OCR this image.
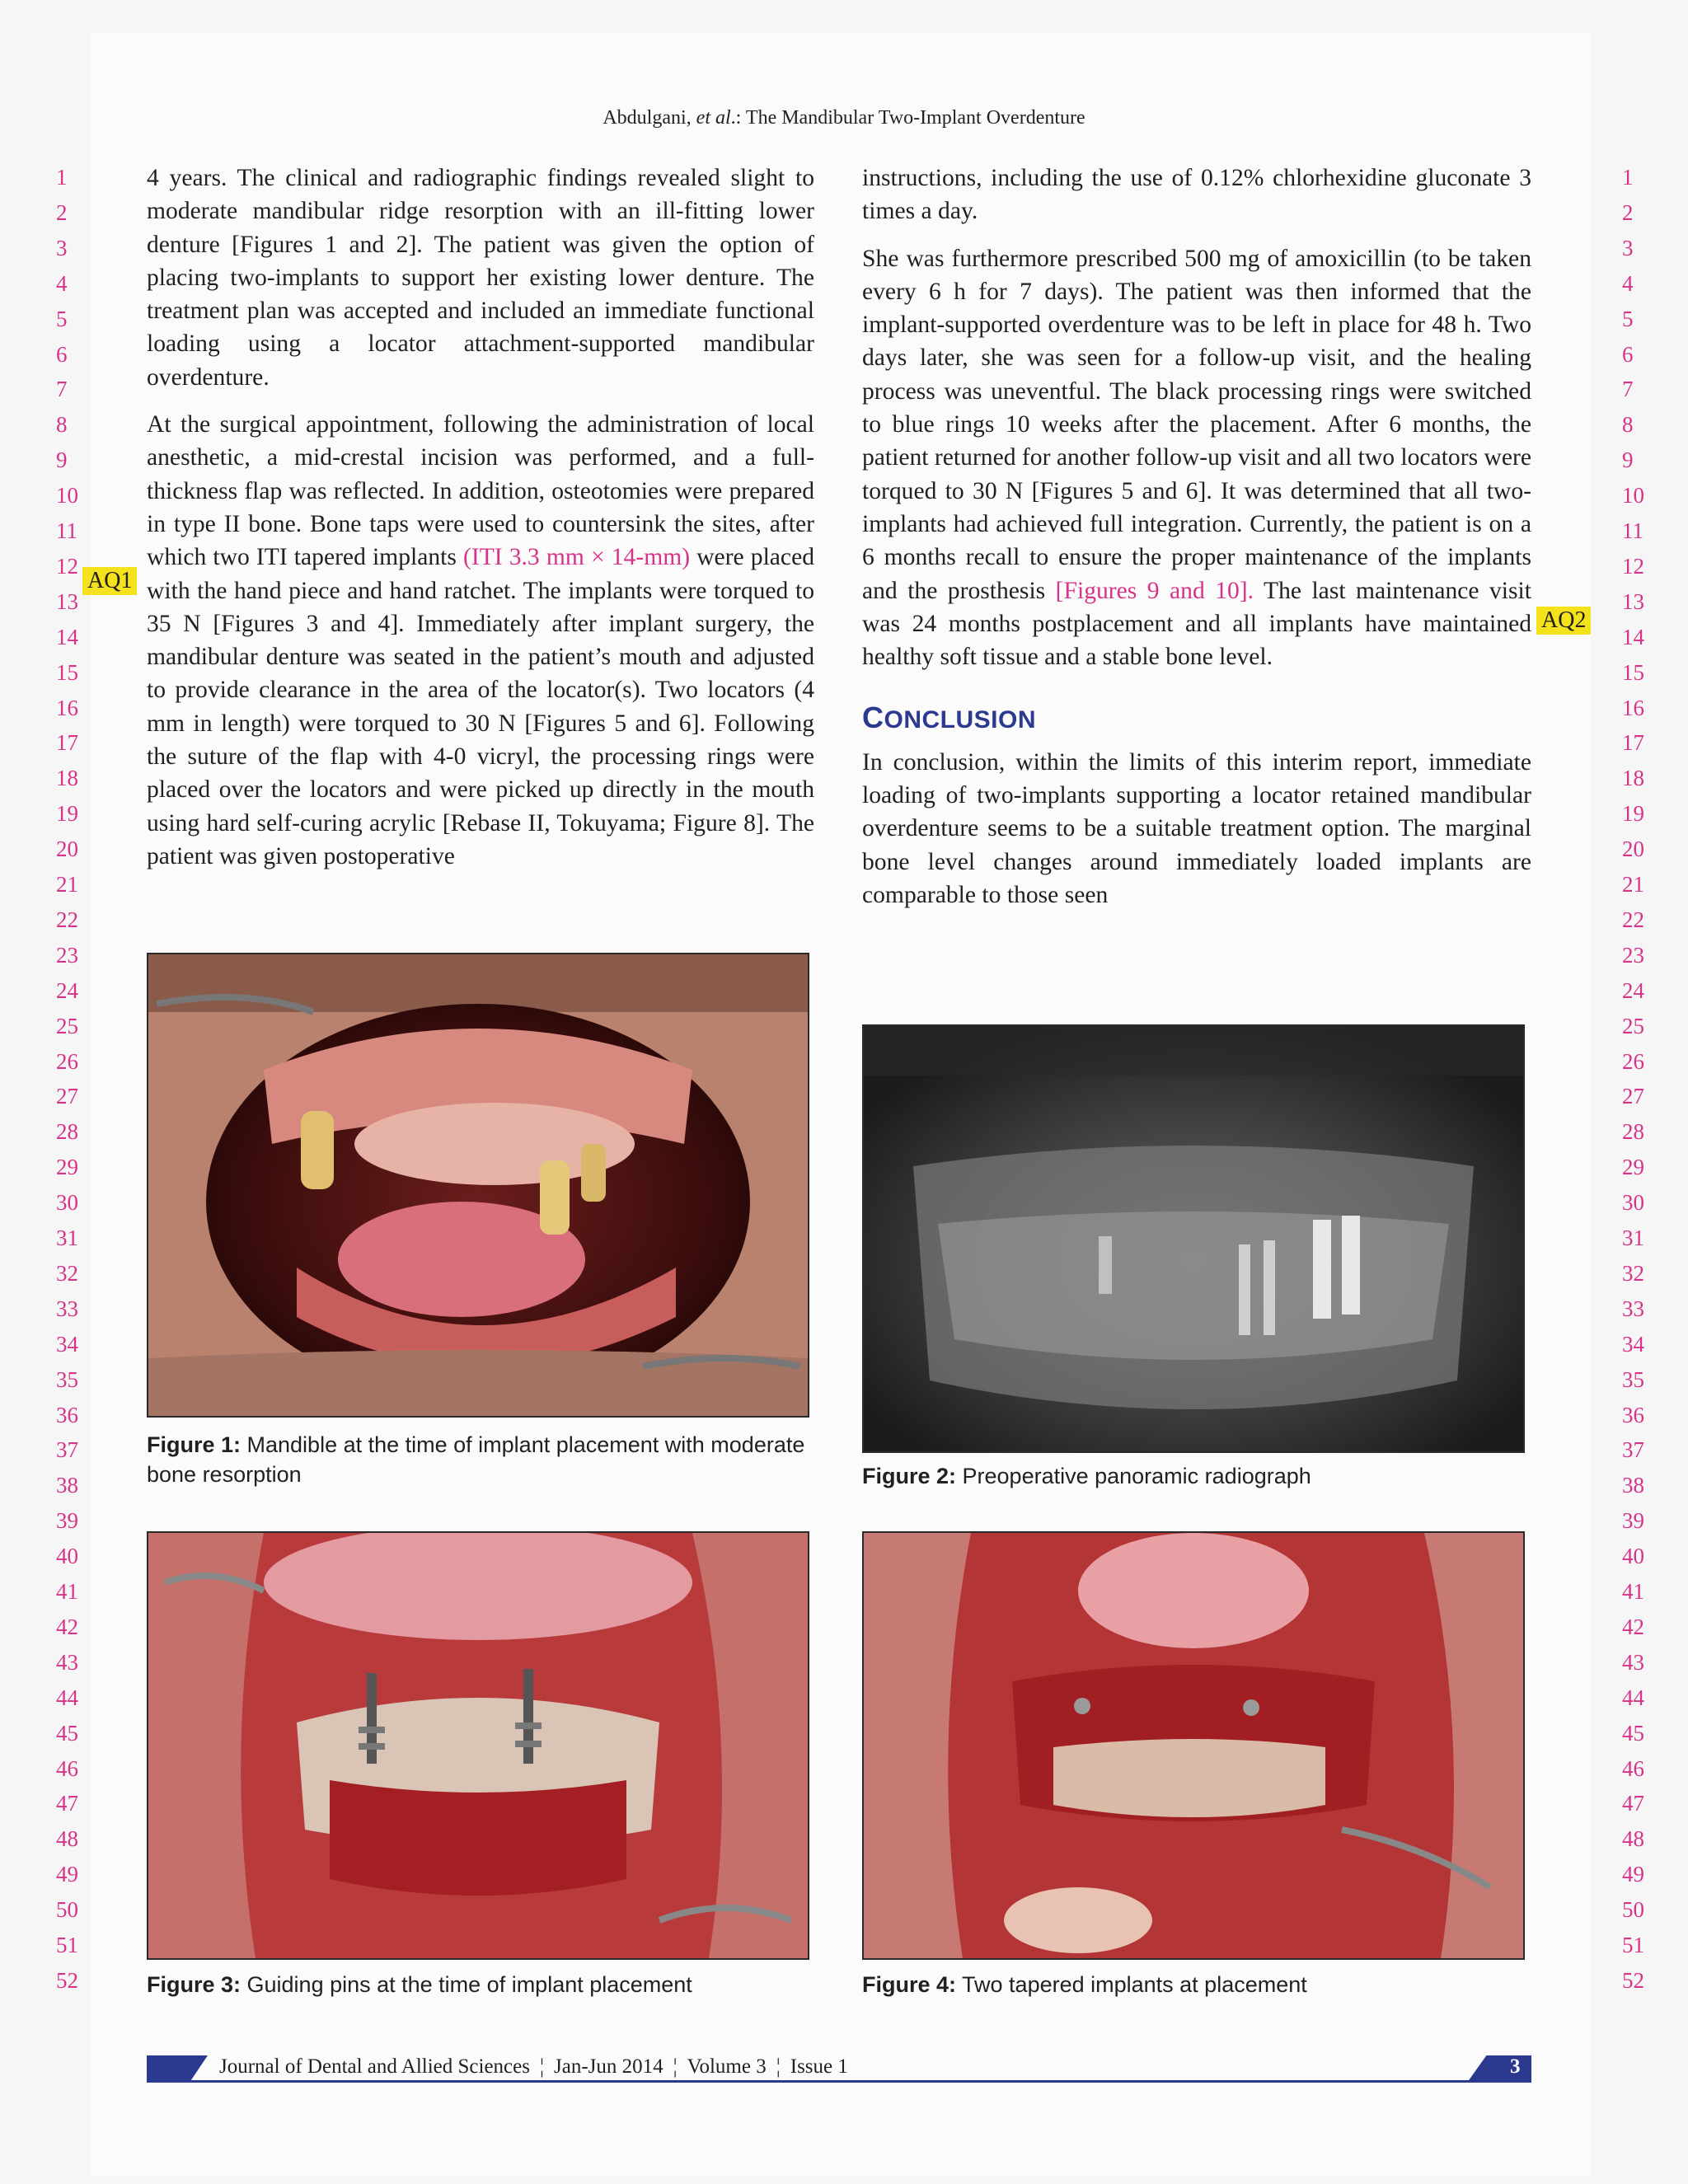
Abdulgani, et al.: The Mandibular Two-Implant Overdenture
1
2
3
4
5
6
7
8
9
10
11
12
13
14
15
16
17
18
19
20
21
22
23
24
25
26
27
28
29
30
31
32
33
34
35
36
37
38
39
40
41
42
43
44
45
46
47
48
49
50
51
52
1
2
3
4
5
6
7
8
9
10
11
12
13
14
15
16
17
18
19
20
21
22
23
24
25
26
27
28
29
30
31
32
33
34
35
36
37
38
39
40
41
42
43
44
45
46
47
48
49
50
51
52
AQ1
AQ2

4 years. The clinical and radiographic findings revealed slight to moderate mandibular ridge resorption with an ill-fitting lower denture [Figures 1 and 2]. The patient was given the option of placing two-implants to support her existing lower denture. The treatment plan was accepted and included an immediate functional loading using a locator attachment-supported mandibular overdenture.

At the surgical appointment, following the administration of local anesthetic, a mid-crestal incision was performed, and a full-thickness flap was reflected. In addition, osteotomies were prepared in type II bone. Bone taps were used to countersink the sites, after which two ITI tapered implants (ITI 3.3 mm × 14-mm) were placed with the hand piece and hand ratchet. The implants were torqued to 35 N [Figures 3 and 4]. Immediately after implant surgery, the mandibular denture was seated in the patient’s mouth and adjusted to provide clearance in the area of the locator(s). Two locators (4 mm in length) were torqued to 30 N [Figures 5 and 6]. Following the suture of the flap with 4-0 vicryl, the processing rings were placed over the locators and were picked up directly in the mouth using hard self-curing acrylic [Rebase II, Tokuyama; Figure 8]. The patient was given postoperative

instructions, including the use of 0.12% chlorhexidine gluconate 3 times a day.

She was furthermore prescribed 500 mg of amoxicillin (to be taken every 6 h for 7 days). The patient was then informed that the implant-supported overdenture was to be left in place for 48 h. Two days later, she was seen for a follow-up visit, and the healing process was uneventful. The black processing rings were switched to blue rings 10 weeks after the placement. After 6 months, the patient returned for another follow-up visit and all two locators were torqued to 30 N [Figures 5 and 6]. It was determined that all two-implants had achieved full integration. Currently, the patient is on a 6 months recall to ensure the proper maintenance of the implants and the prosthesis [Figures 9 and 10]. The last maintenance visit was 24 months postplacement and all implants have maintained healthy soft tissue and a stable bone level.

CONCLUSION

In conclusion, within the limits of this interim report, immediate loading of two-implants supporting a locator retained mandibular overdenture seems to be a suitable treatment option. The marginal bone level changes around immediately loaded implants are comparable to those seen

Figure 1: Mandible at the time of implant placement with moderate bone resorption	Figure 2: Preoperative panoramic radiograph
Figure 3: Guiding pins at the time of implant placement	Figure 4: Two tapered implants at placement
Journal of Dental and Allied Sciences ¦ Jan-Jun 2014 ¦ Volume 3 ¦ Issue 1	3
